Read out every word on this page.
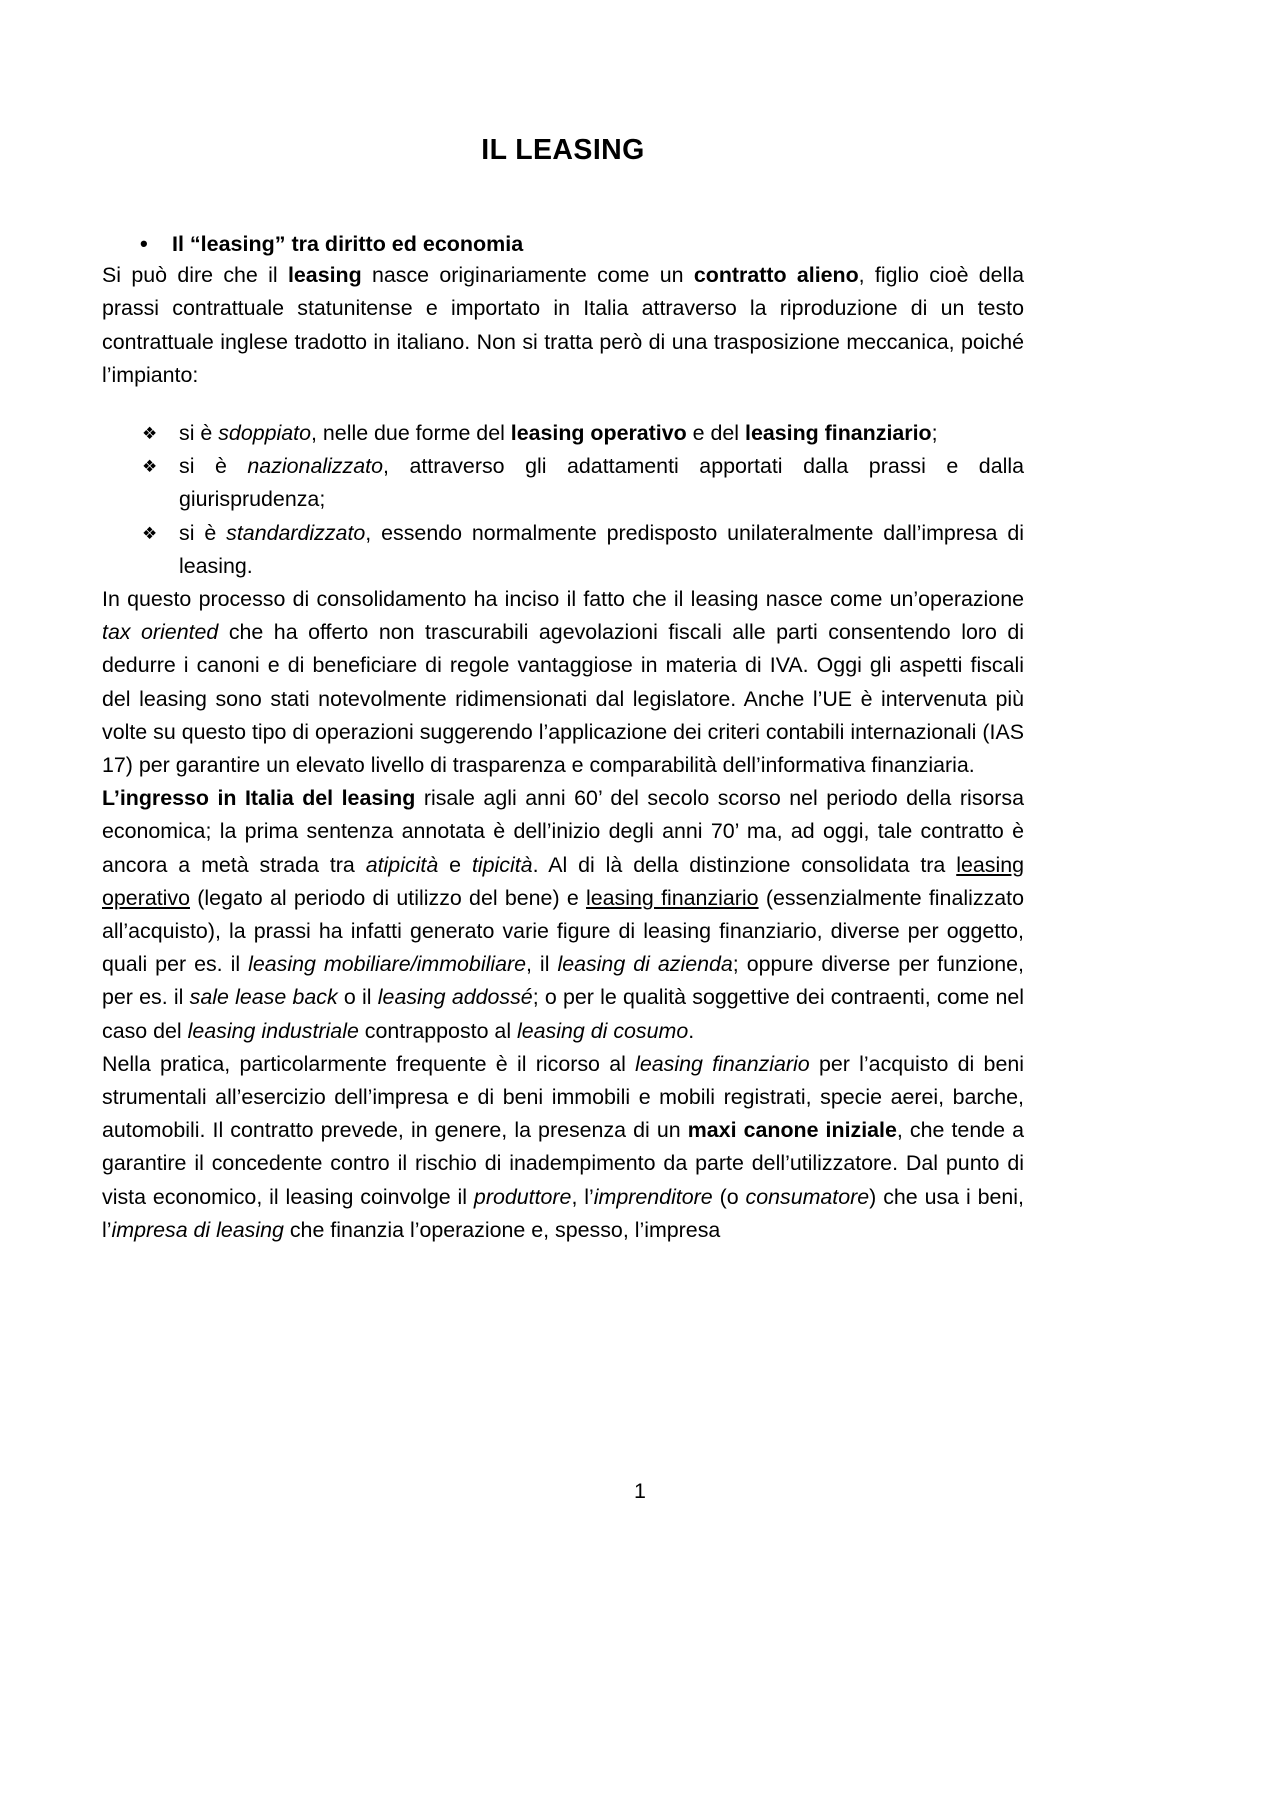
IL LEASING
• Il “leasing” tra diritto ed economia

Si può dire che il leasing nasce originariamente come un contratto alieno, figlio cioè della prassi contrattuale statunitense e importato in Italia attraverso la riproduzione di un testo contrattuale inglese tradotto in italiano. Non si tratta però di una trasposizione meccanica, poiché l’impianto:

❖ si è sdoppiato, nelle due forme del leasing operativo e del leasing finanziario;
❖ si è nazionalizzato, attraverso gli adattamenti apportati dalla prassi e dalla giurisprudenza;
❖ si è standardizzato, essendo normalmente predisposto unilateralmente dall’impresa di leasing.

In questo processo di consolidamento ha inciso il fatto che il leasing nasce come un’operazione tax oriented che ha offerto non trascurabili agevolazioni fiscali alle parti consentendo loro di dedurre i canoni e di beneficiare di regole vantaggiose in materia di IVA. Oggi gli aspetti fiscali del leasing sono stati notevolmente ridimensionati dal legislatore. Anche l’UE è intervenuta più volte su questo tipo di operazioni suggerendo l’applicazione dei criteri contabili internazionali (IAS 17) per garantire un elevato livello di trasparenza e comparabilità dell’informativa finanziaria.

L’ingresso in Italia del leasing risale agli anni 60’ del secolo scorso nel periodo della risorsa economica; la prima sentenza annotata è dell’inizio degli anni 70’ ma, ad oggi, tale contratto è ancora a metà strada tra atipicità e tipicità. Al di là della distinzione consolidata tra leasing operativo (legato al periodo di utilizzo del bene) e leasing finanziario (essenzialmente finalizzato all’acquisto), la prassi ha infatti generato varie figure di leasing finanziario, diverse per oggetto, quali per es. il leasing mobiliare/immobiliare, il leasing di azienda; oppure diverse per funzione, per es. il sale lease back o il leasing addossé; o per le qualità soggettive dei contraenti, come nel caso del leasing industriale contrapposto al leasing di cosumo.

Nella pratica, particolarmente frequente è il ricorso al leasing finanziario per l’acquisto di beni strumentali all’esercizio dell’impresa e di beni immobili e mobili registrati, specie aerei, barche, automobili. Il contratto prevede, in genere, la presenza di un maxi canone iniziale, che tende a garantire il concedente contro il rischio di inadempimento da parte dell’utilizzatore. Dal punto di vista economico, il leasing coinvolge il produttore, l’imprenditore (o consumatore) che usa i beni, l’impresa di leasing che finanzia l’operazione e, spesso, l’impresa

1
